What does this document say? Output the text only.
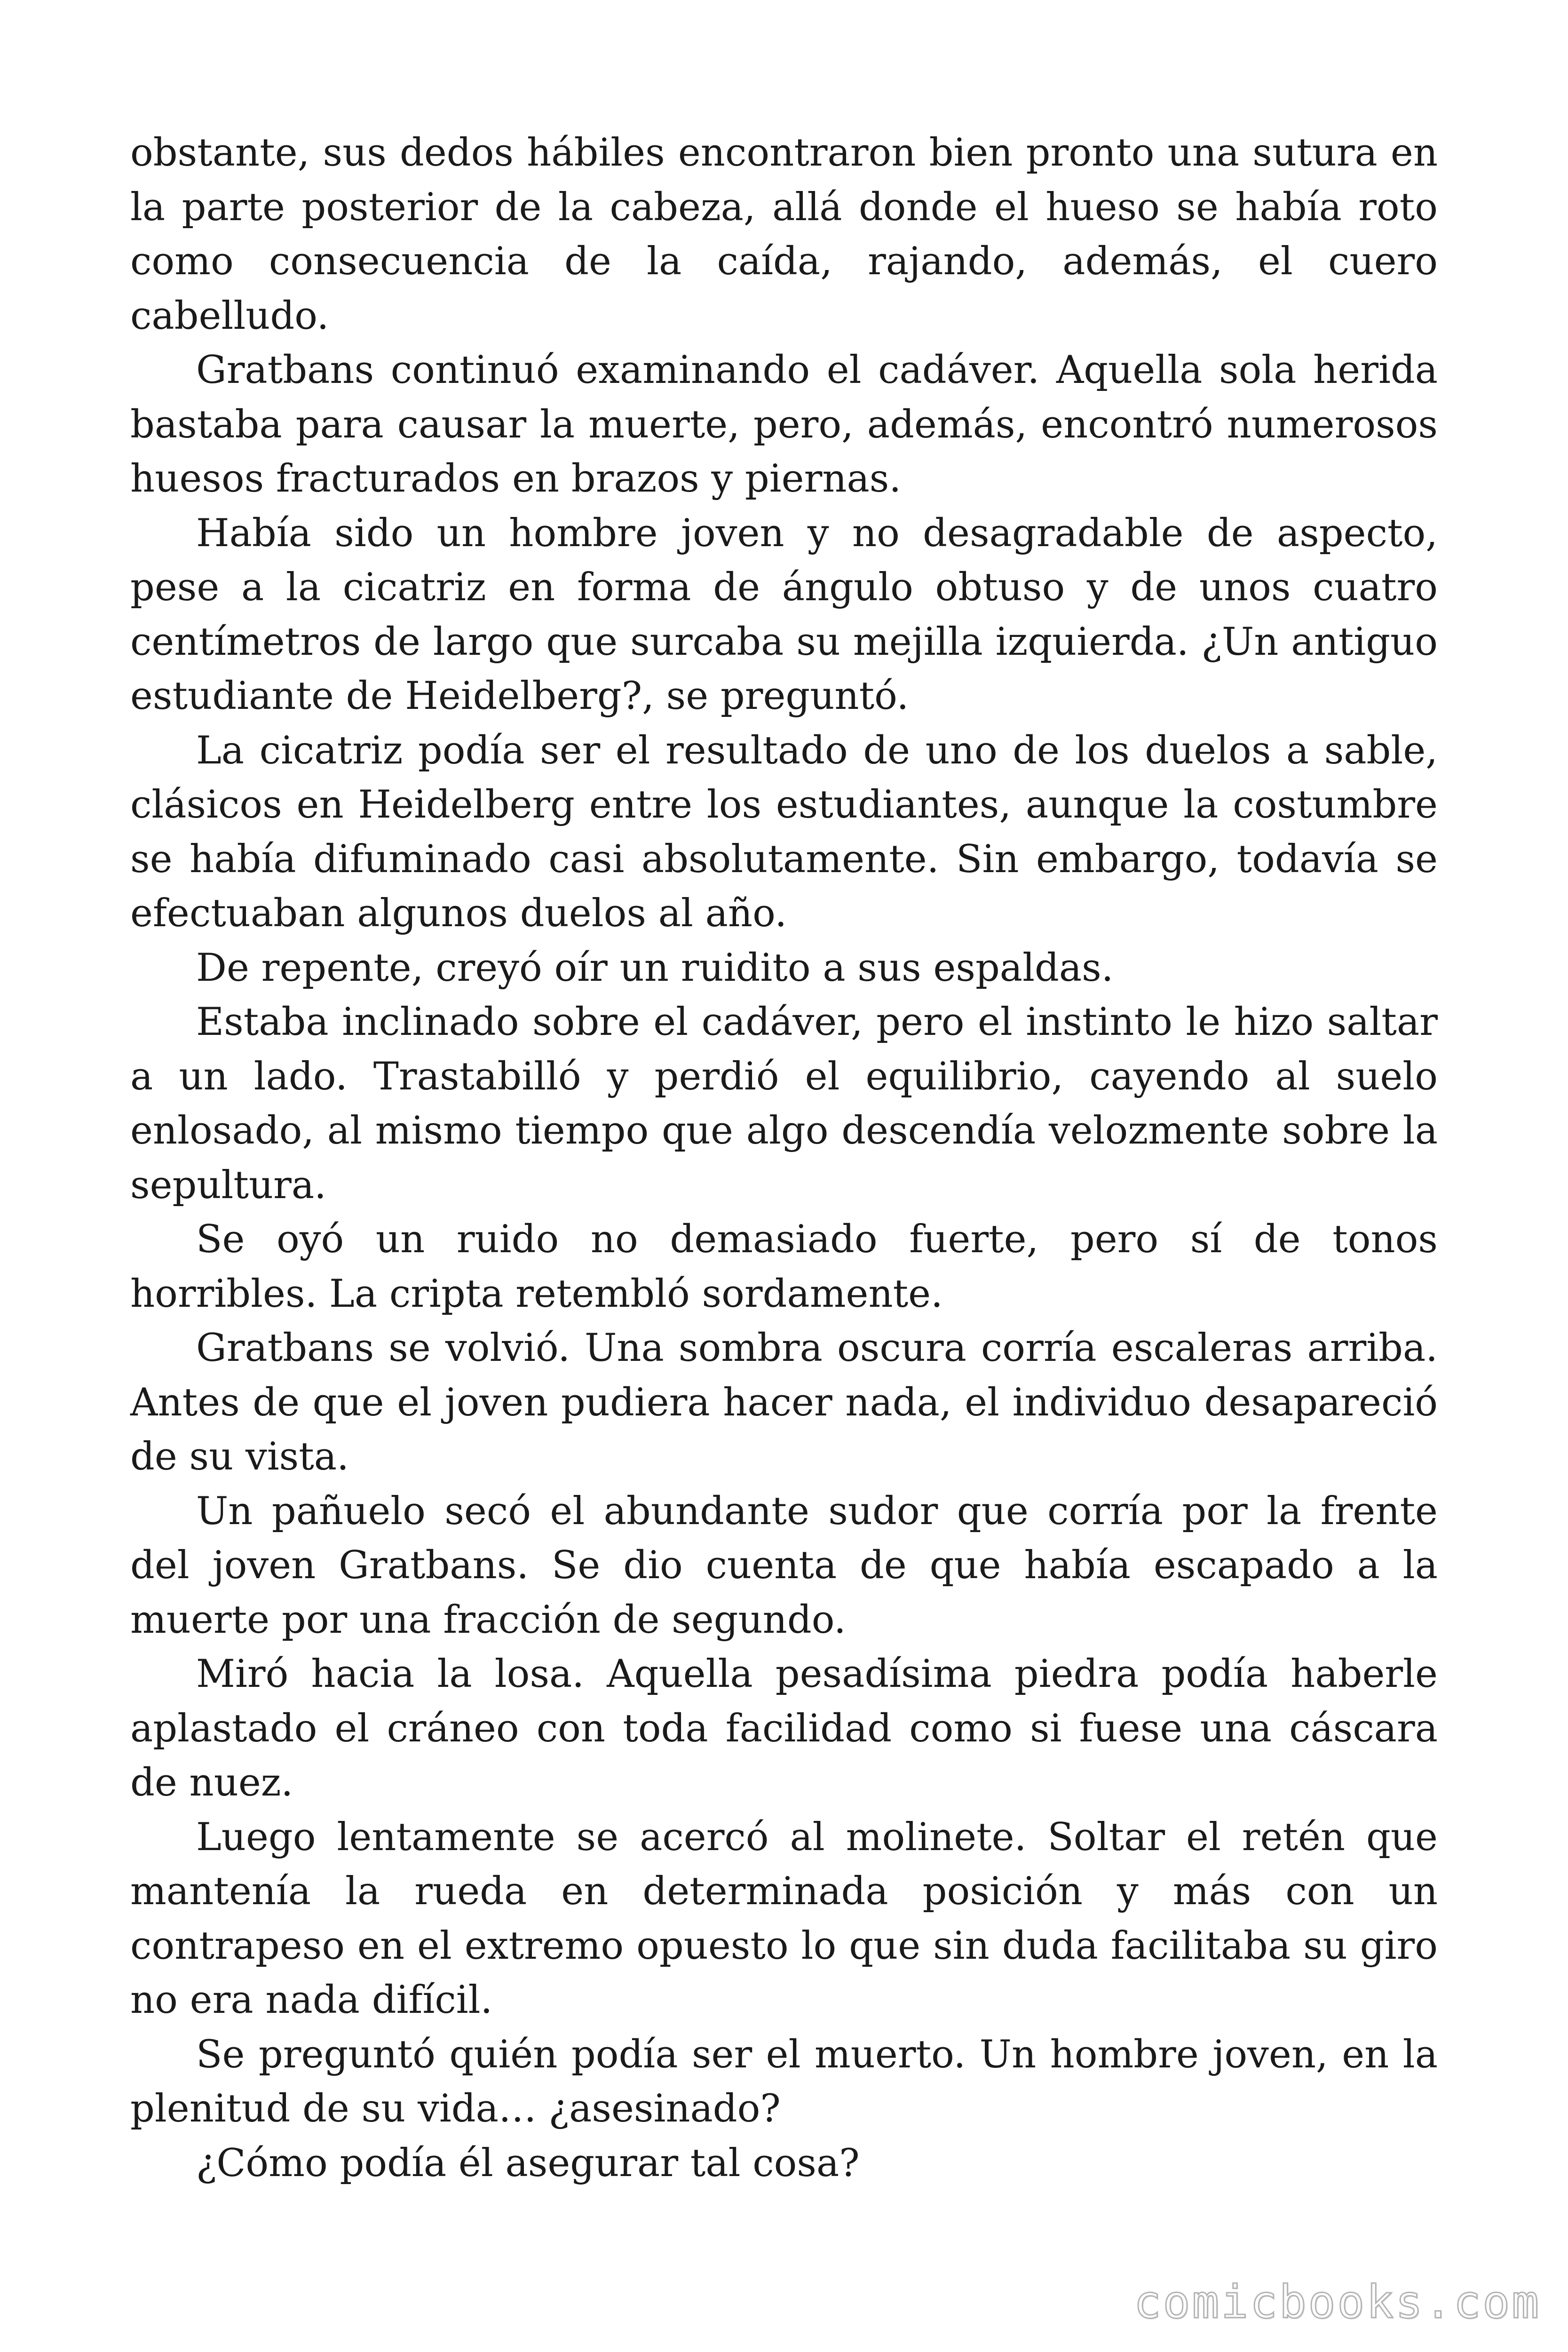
obstante, sus dedos hábiles encontraron bien pronto una sutura en la parte posterior de la cabeza, allá donde el hueso se había roto como consecuencia de la caída, rajando, además, el cuero cabelludo.

Gratbans continuó examinando el cadáver. Aquella sola herida bastaba para causar la muerte, pero, además, encontró numerosos huesos fracturados en brazos y piernas.

Había sido un hombre joven y no desagradable de aspecto, pese a la cicatriz en forma de ángulo obtuso y de unos cuatro centímetros de largo que surcaba su mejilla izquierda. ¿Un antiguo estudiante de Heidelberg?, se preguntó.

La cicatriz podía ser el resultado de uno de los duelos a sable, clásicos en Heidelberg entre los estudiantes, aunque la costumbre se había difuminado casi absolutamente. Sin embargo, todavía se efectuaban algunos duelos al año.

De repente, creyó oír un ruidito a sus espaldas.

Estaba inclinado sobre el cadáver, pero el instinto le hizo saltar a un lado. Trastabilló y perdió el equilibrio, cayendo al suelo enlosado, al mismo tiempo que algo descendía velozmente sobre la sepultura.

Se oyó un ruido no demasiado fuerte, pero sí de tonos horribles. La cripta retembló sordamente.

Gratbans se volvió. Una sombra oscura corría escaleras arriba. Antes de que el joven pudiera hacer nada, el individuo desapareció de su vista.

Un pañuelo secó el abundante sudor que corría por la frente del joven Gratbans. Se dio cuenta de que había escapado a la muerte por una fracción de segundo.

Miró hacia la losa. Aquella pesadísima piedra podía haberle aplastado el cráneo con toda facilidad como si fuese una cáscara de nuez.

Luego lentamente se acercó al molinete. Soltar el retén que mantenía la rueda en determinada posición y más con un contrapeso en el extremo opuesto lo que sin duda facilitaba su giro no era nada difícil.

Se preguntó quién podía ser el muerto. Un hombre joven, en la plenitud de su vida… ¿asesinado?

¿Cómo podía él asegurar tal cosa?

comicbooks.com
